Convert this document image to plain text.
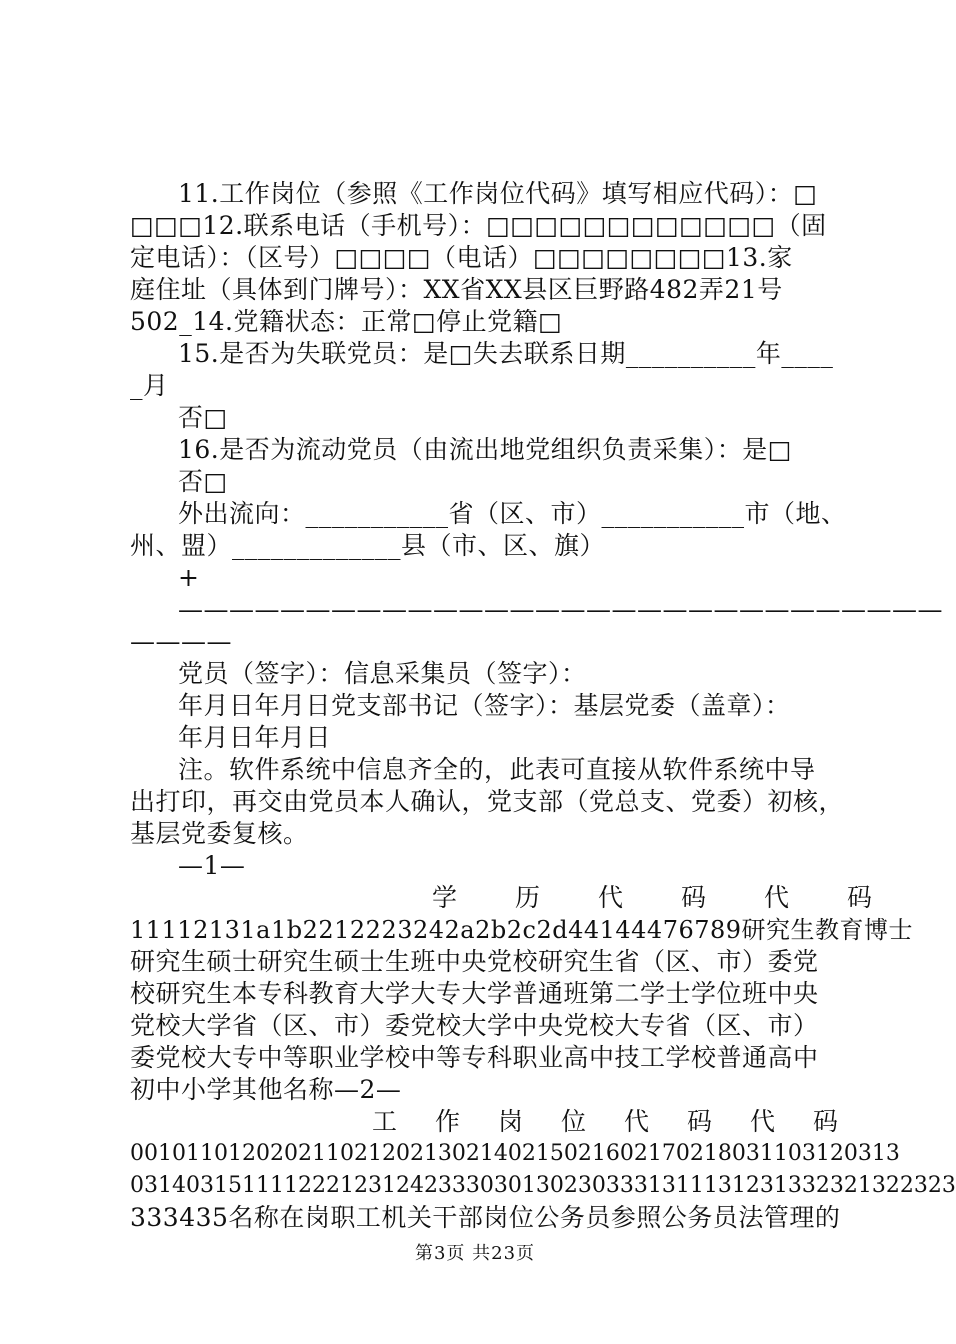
11.工作岗位（参照《工作岗位代码》填写相应代码）：□
□□□12.联系电话（手机号）：□□□□□□□□□□□□（固
定电话）：（区号）□□□□（电话）□□□□□□□□13.家
庭住址（具体到门牌号）：XX省XX县区巨野路482弄21号
502_14.党籍状态：正常□停止党籍□
15.是否为失联党员：是□失去联系日期__________年____
_月
否□
16.是否为流动党员（由流出地党组织负责采集）：是□
否□
外出流向：___________省（区、市）___________市（地、
州、盟）_____________县（市、区、旗）
+
——————————————————————————————
————
党员（签字）：信息采集员（签字）：
年月日年月日党支部书记（签字）：基层党委（盖章）：
年月日年月日
注。软件系统中信息齐全的，此表可直接从软件系统中导
出打印，再交由党员本人确认，党支部（党总支、党委）初核，
基层党委复核。
—1—
学历代码代码
11112131a1b2212223242a2b2c2d44144476789研究生教育博士
研究生硕士研究生硕士生班中央党校研究生省（区、市）委党
校研究生本专科教育大学大专大学普通班第二学士学位班中央
党校大学省（区、市）委党校大学中央党校大专省（区、市）
委党校大专中等职业学校中等专科职业高中技工学校普通高中
初中小学其他名称—2—
工作岗位代码代码
0010110120202110212021302140215021602170218031103120313
0314031511112221231242333030130230333131113123133232132232​3
333435名称在岗职工机关干部岗位公务员参照公务员法管理的
第3页 共23页
